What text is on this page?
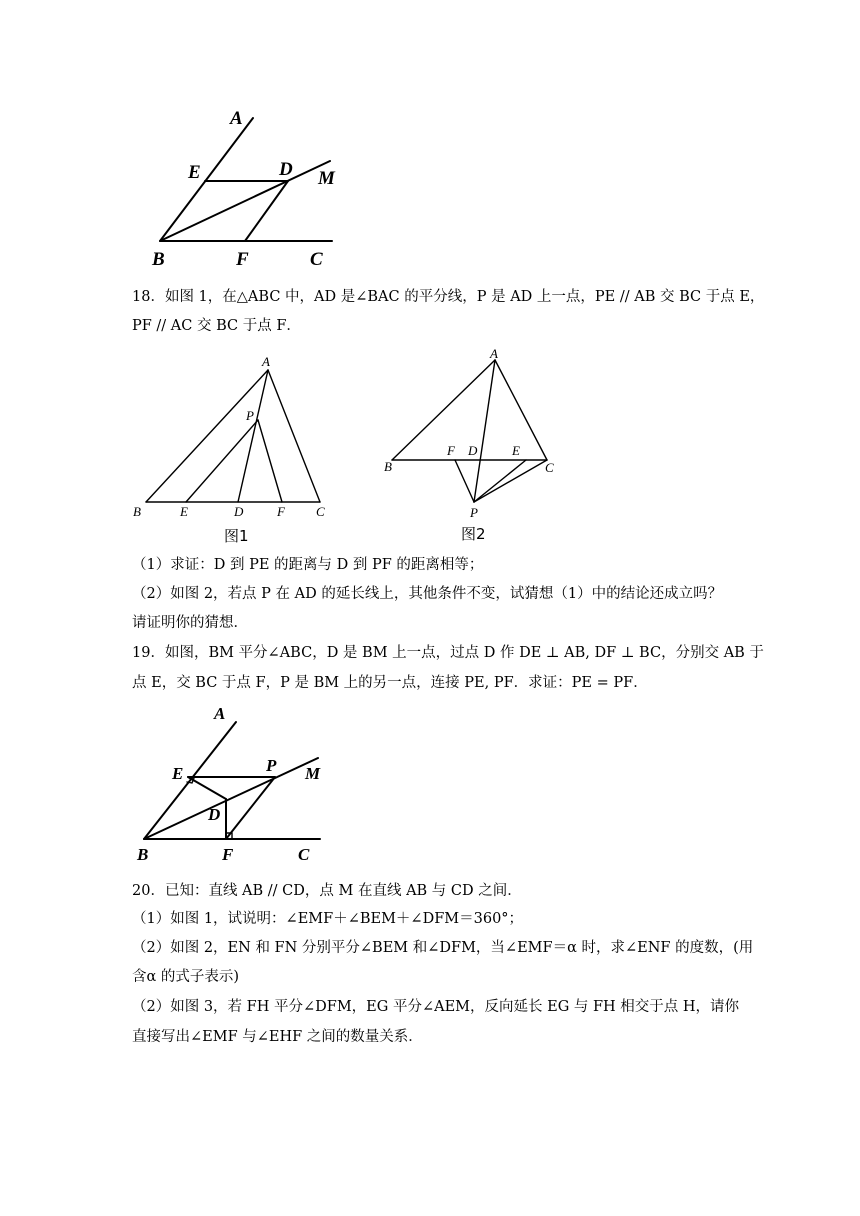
A
E	D M
B	F	C
18．如图 1，在△ABC 中，AD 是∠BAC 的平分线，P 是 AD 上一点，PE // AB 交 BC 于点 E，
PF // AC 交 BC 于点 F．
A
P
B	E	D	F C
图1
A
B
F D	E
C
P
图2
（1）求证：D 到 PE 的距离与 D 到 PF 的距离相等；
（2）如图 2，若点 P 在 AD 的延长线上，其他条件不变，试猜想（1）中的结论还成立吗？
请证明你的猜想．
19．如图，BM 平分∠ABC，D 是 BM 上一点，过点 D 作 DE ⊥ AB, DF ⊥ BC，分别交 AB 于
点 E，交 BC 于点 F，P 是 BM 上的另一点，连接 PE, PF．求证：PE = PF．
A
E	P M
D
B	F	C
20．已知：直线 AB // CD，点 M 在直线 AB 与 CD 之间．
（1）如图 1，试说明：∠EMF＋∠BEM＋∠DFM＝360°；
（2）如图 2，EN 和 FN 分别平分∠BEM 和∠DFM，当∠EMF＝α 时，求∠ENF 的度数，(用
含α 的式子表示)
（2）如图 3，若 FH 平分∠DFM，EG 平分∠AEM，反向延长 EG 与 FH 相交于点 H，请你
直接写出∠EMF 与∠EHF 之间的数量关系．
